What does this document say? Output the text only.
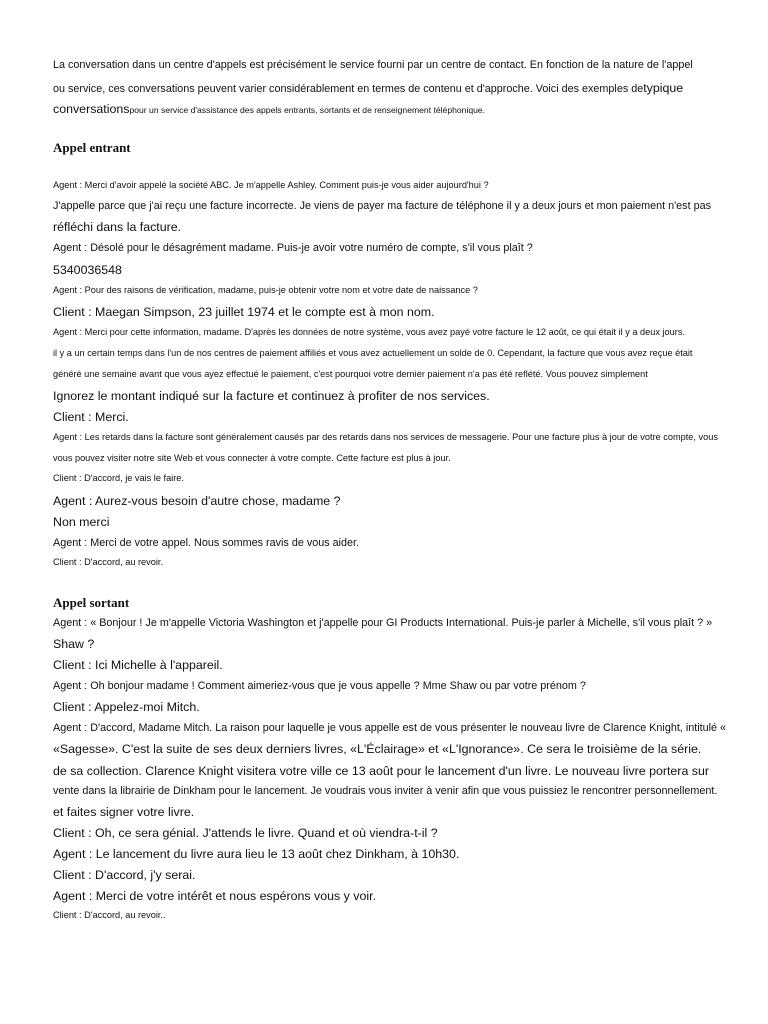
La conversation dans un centre d'appels est précisément le service fourni par un centre de contact. En fonction de la nature de l'appel
ou service, ces conversations peuvent varier considérablement en termes de contenu et d'approche. Voici des exemples detypique
conversationspour un service d'assistance des appels entrants, sortants et de renseignement téléphonique.
Appel entrant
Agent : Merci d'avoir appelé la société ABC. Je m'appelle Ashley. Comment puis-je vous aider aujourd'hui ?
J'appelle parce que j'ai reçu une facture incorrecte. Je viens de payer ma facture de téléphone il y a deux jours et mon paiement n'est pas
réfléchi dans la facture.
Agent : Désolé pour le désagrément madame. Puis-je avoir votre numéro de compte, s'il vous plaît ?
5340036548
Agent : Pour des raisons de vérification, madame, puis-je obtenir votre nom et votre date de naissance ?
Client : Maegan Simpson, 23 juillet 1974 et le compte est à mon nom.
Agent : Merci pour cette information, madame. D'après les données de notre système, vous avez payé votre facture le 12 août, ce qui était il y a deux jours.
il y a un certain temps dans l'un de nos centres de paiement affiliés et vous avez actuellement un solde de 0. Cependant, la facture que vous avez reçue était
généré une semaine avant que vous ayez effectué le paiement, c'est pourquoi votre dernier paiement n'a pas été reflété. Vous pouvez simplement
Ignorez le montant indiqué sur la facture et continuez à profiter de nos services.
Client : Merci.
Agent : Les retards dans la facture sont généralement causés par des retards dans nos services de messagerie. Pour une facture plus à jour de votre compte, vous
vous pouvez visiter notre site Web et vous connecter à votre compte. Cette facture est plus à jour.
Client : D'accord, je vais le faire.
Agent : Aurez-vous besoin d'autre chose, madame ?
Non merci
Agent : Merci de votre appel. Nous sommes ravis de vous aider.
Client : D'accord, au revoir.
Appel sortant
Agent : « Bonjour ! Je m'appelle Victoria Washington et j'appelle pour GI Products International. Puis-je parler à Michelle, s'il vous plaît ? »
Shaw ?
Client : Ici Michelle à l'appareil.
Agent : Oh bonjour madame ! Comment aimeriez-vous que je vous appelle ? Mme Shaw ou par votre prénom ?
Client : Appelez-moi Mitch.
Agent : D'accord, Madame Mitch. La raison pour laquelle je vous appelle est de vous présenter le nouveau livre de Clarence Knight, intitulé «
«Sagesse». C'est la suite de ses deux derniers livres, «L'Éclairage» et «L'Ignorance». Ce sera le troisième de la série.
de sa collection. Clarence Knight visitera votre ville ce 13 août pour le lancement d'un livre. Le nouveau livre portera sur
vente dans la librairie de Dinkham pour le lancement. Je voudrais vous inviter à venir afin que vous puissiez le rencontrer personnellement.
et faites signer votre livre.
Client : Oh, ce sera génial. J'attends le livre. Quand et où viendra-t-il ?
Agent : Le lancement du livre aura lieu le 13 août chez Dinkham, à 10h30.
Client : D'accord, j'y serai.
Agent : Merci de votre intérêt et nous espérons vous y voir.
Client : D'accord, au revoir..
